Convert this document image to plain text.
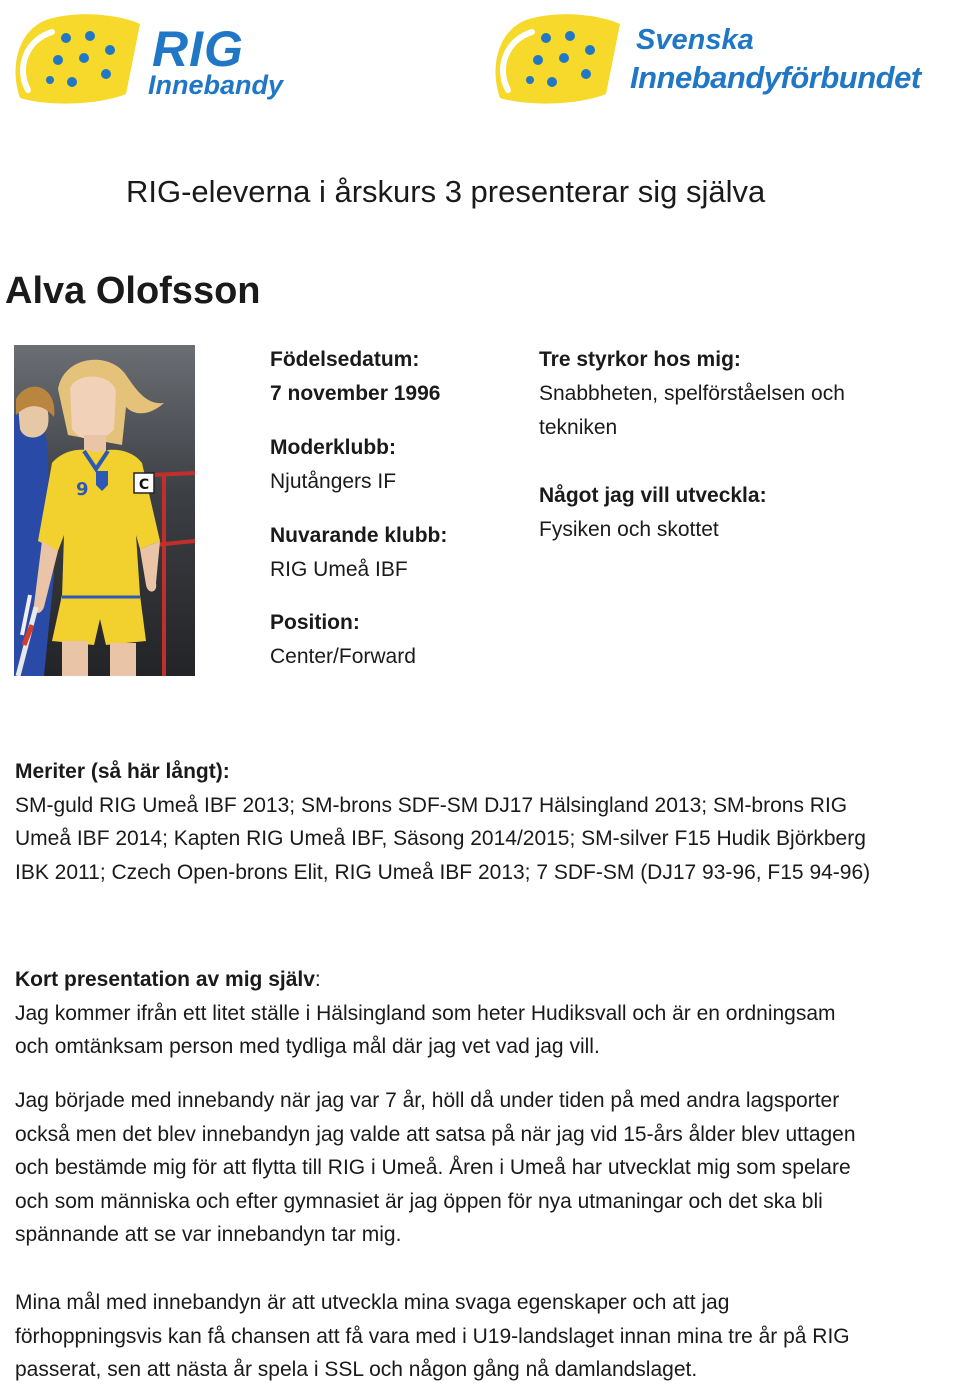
RIG
Innebandy
Svenska
Innebandyförbundet
RIG-eleverna i årskurs 3 presenterar sig själva
Alva Olofsson
C
9
Födelsedatum:
7 november 1996
Moderklubb:
Njutångers IF
Nuvarande klubb:
RIG Umeå IBF
Position:
Center/Forward
Tre styrkor hos mig:
Snabbheten, spelförståelsen och
tekniken
Något jag vill utveckla:
Fysiken och skottet
Meriter (så här långt):
SM-guld RIG Umeå IBF 2013; SM-brons SDF-SM DJ17 Hälsingland 2013; SM-brons RIG
Umeå IBF 2014; Kapten RIG Umeå IBF, Säsong 2014/2015; SM-silver F15 Hudik Björkberg
IBK 2011; Czech Open-brons Elit, RIG Umeå IBF 2013; 7 SDF-SM (DJ17 93-96, F15 94-96)
Kort presentation av mig själv:
Jag kommer ifrån ett litet ställe i Hälsingland som heter Hudiksvall och är en ordningsam
och omtänksam person med tydliga mål där jag vet vad jag vill.
Jag började med innebandy när jag var 7 år, höll då under tiden på med andra lagsporter
också men det blev innebandyn jag valde att satsa på när jag vid 15-års ålder blev uttagen
och bestämde mig för att flytta till RIG i Umeå. Åren i Umeå har utvecklat mig som spelare
och som människa och efter gymnasiet är jag öppen för nya utmaningar och det ska bli
spännande att se var innebandyn tar mig.
Mina mål med innebandyn är att utveckla mina svaga egenskaper och att jag
förhoppningsvis kan få chansen att få vara med i U19-landslaget innan mina tre år på RIG
passerat, sen att nästa år spela i SSL och någon gång nå damlandslaget.
